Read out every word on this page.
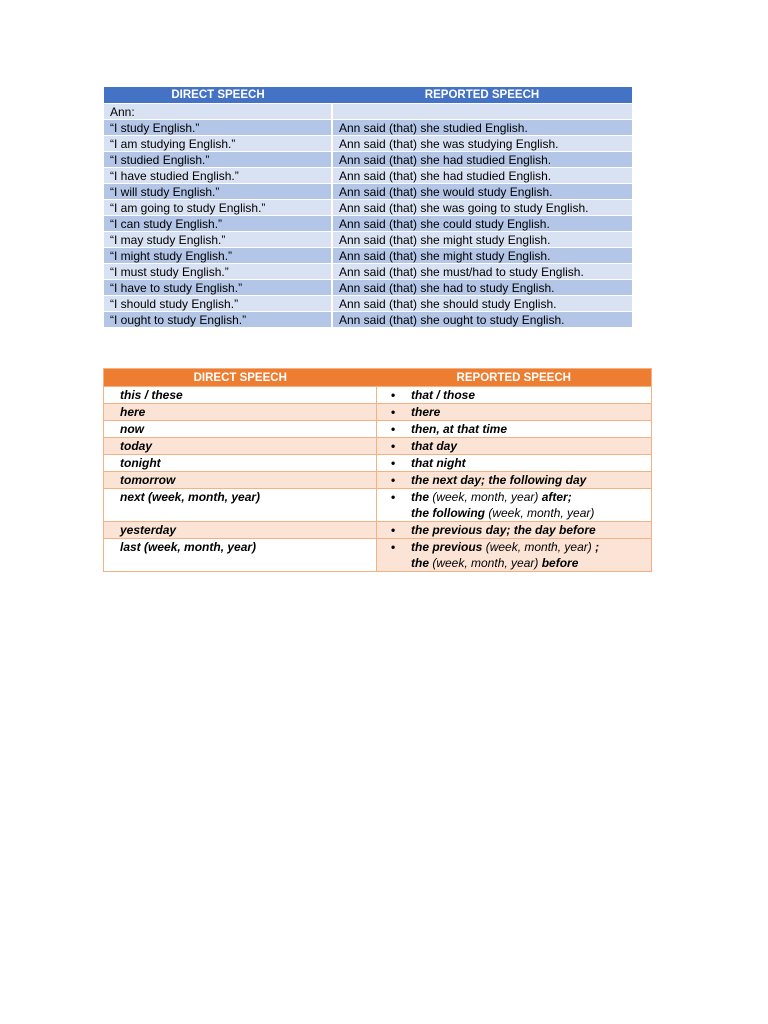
DIRECT SPEECH	REPORTED SPEECH
Ann:	
“I study English.”	Ann said (that) she studied English.
“I am studying English.”	Ann said (that) she was studying English.
“I studied English.”	Ann said (that) she had studied English.
“I have studied English.”	Ann said (that) she had studied English.
“I will study English.”	Ann said (that) she would study English.
“I am going to study English.”	Ann said (that) she was going to study English.
“I can study English.”	Ann said (that) she could study English.
“I may study English.”	Ann said (that) she might study English.
“I might study English.”	Ann said (that) she might study English.
“I must study English.”	Ann said (that) she must/had to study English.
“I have to study English.”	Ann said (that) she had to study English.
“I should study English.”	Ann said (that) she should study English.
“I ought to study English.”	Ann said (that) she ought to study English.
DIRECT SPEECH	REPORTED SPEECH
this / these	• that / those
here	• there
now	• then, at that time
today	• that day
tonight	• that night
tomorrow	• the next day; the following day
next (week, month, year)	• the (week, month, year) after;
the following (week, month, year)

yesterday	• the previous day; the day before
last (week, month, year)	• the previous (week, month, year) ;
the (week, month, year) before
